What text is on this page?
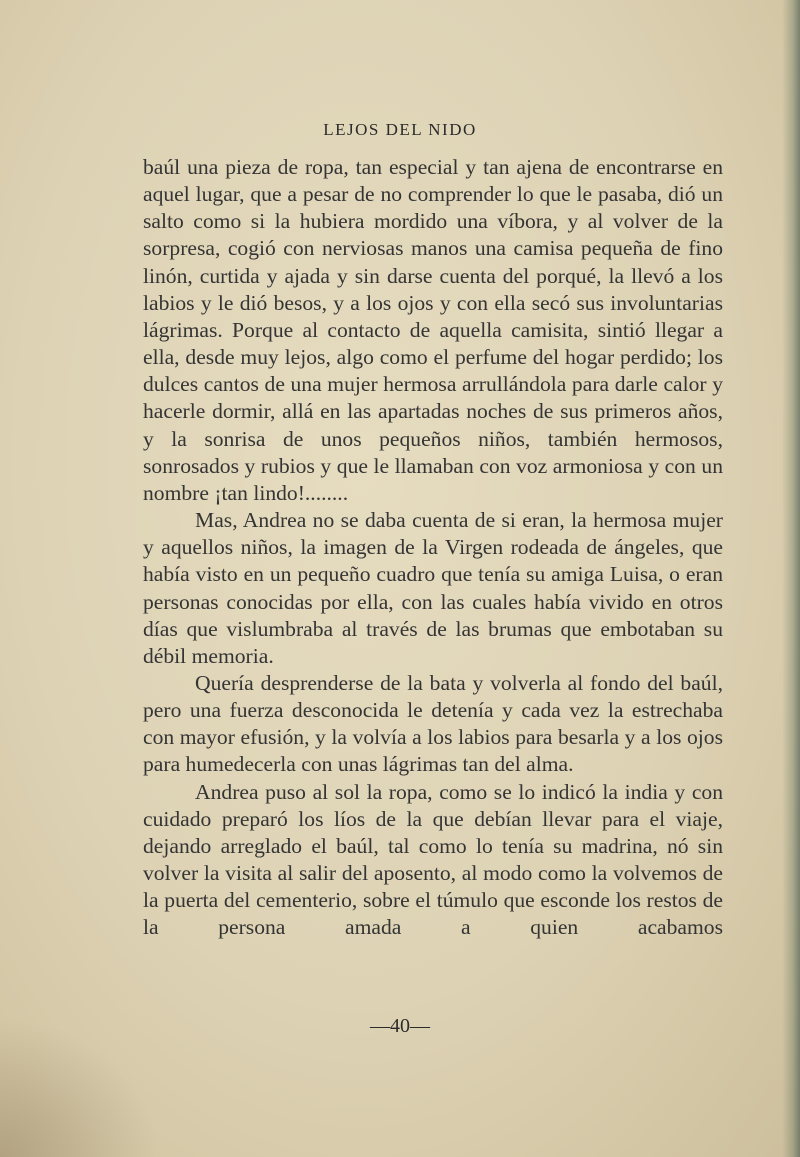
LEJOS DEL NIDO

baúl una pieza de ropa, tan especial y tan ajena de encontrarse en aquel lugar, que a pesar de no comprender lo que le pasaba, dió un salto como si la hubiera mordido una víbora, y al volver de la sorpresa, cogió con nerviosas manos una camisa pequeña de fino linón, curtida y ajada y sin darse cuenta del porqué, la llevó a los labios y le dió besos, y a los ojos y con ella secó sus involuntarias lágrimas. Porque al contacto de aquella camisita, sintió llegar a ella, desde muy lejos, algo como el perfume del hogar perdido; los dulces cantos de una mujer hermosa arrullándola para darle calor y hacerle dormir, allá en las apartadas noches de sus primeros años, y la sonrisa de unos pequeños niños, también hermosos, sonrosados y rubios y que le llamaban con voz armoniosa y con un nombre ¡tan lindo!........

Mas, Andrea no se daba cuenta de si eran, la hermosa mujer y aquellos niños, la imagen de la Virgen rodeada de ángeles, que había visto en un pequeño cuadro que tenía su amiga Luisa, o eran personas conocidas por ella, con las cuales había vivido en otros días que vislumbraba al través de las brumas que embotaban su débil memoria.

Quería desprenderse de la bata y volverla al fondo del baúl, pero una fuerza desconocida le detenía y cada vez la estrechaba con mayor efusión, y la volvía a los labios para besarla y a los ojos para humedecerla con unas lágrimas tan del alma.

Andrea puso al sol la ropa, como se lo indicó la india y con cuidado preparó los líos de la que debían llevar para el viaje, dejando arreglado el baúl, tal como lo tenía su madrina, nó sin volver la visita al salir del aposento, al modo como la volvemos de la puerta del cementerio, sobre el túmulo que esconde los restos de la persona amada a quien acabamos

—40—
